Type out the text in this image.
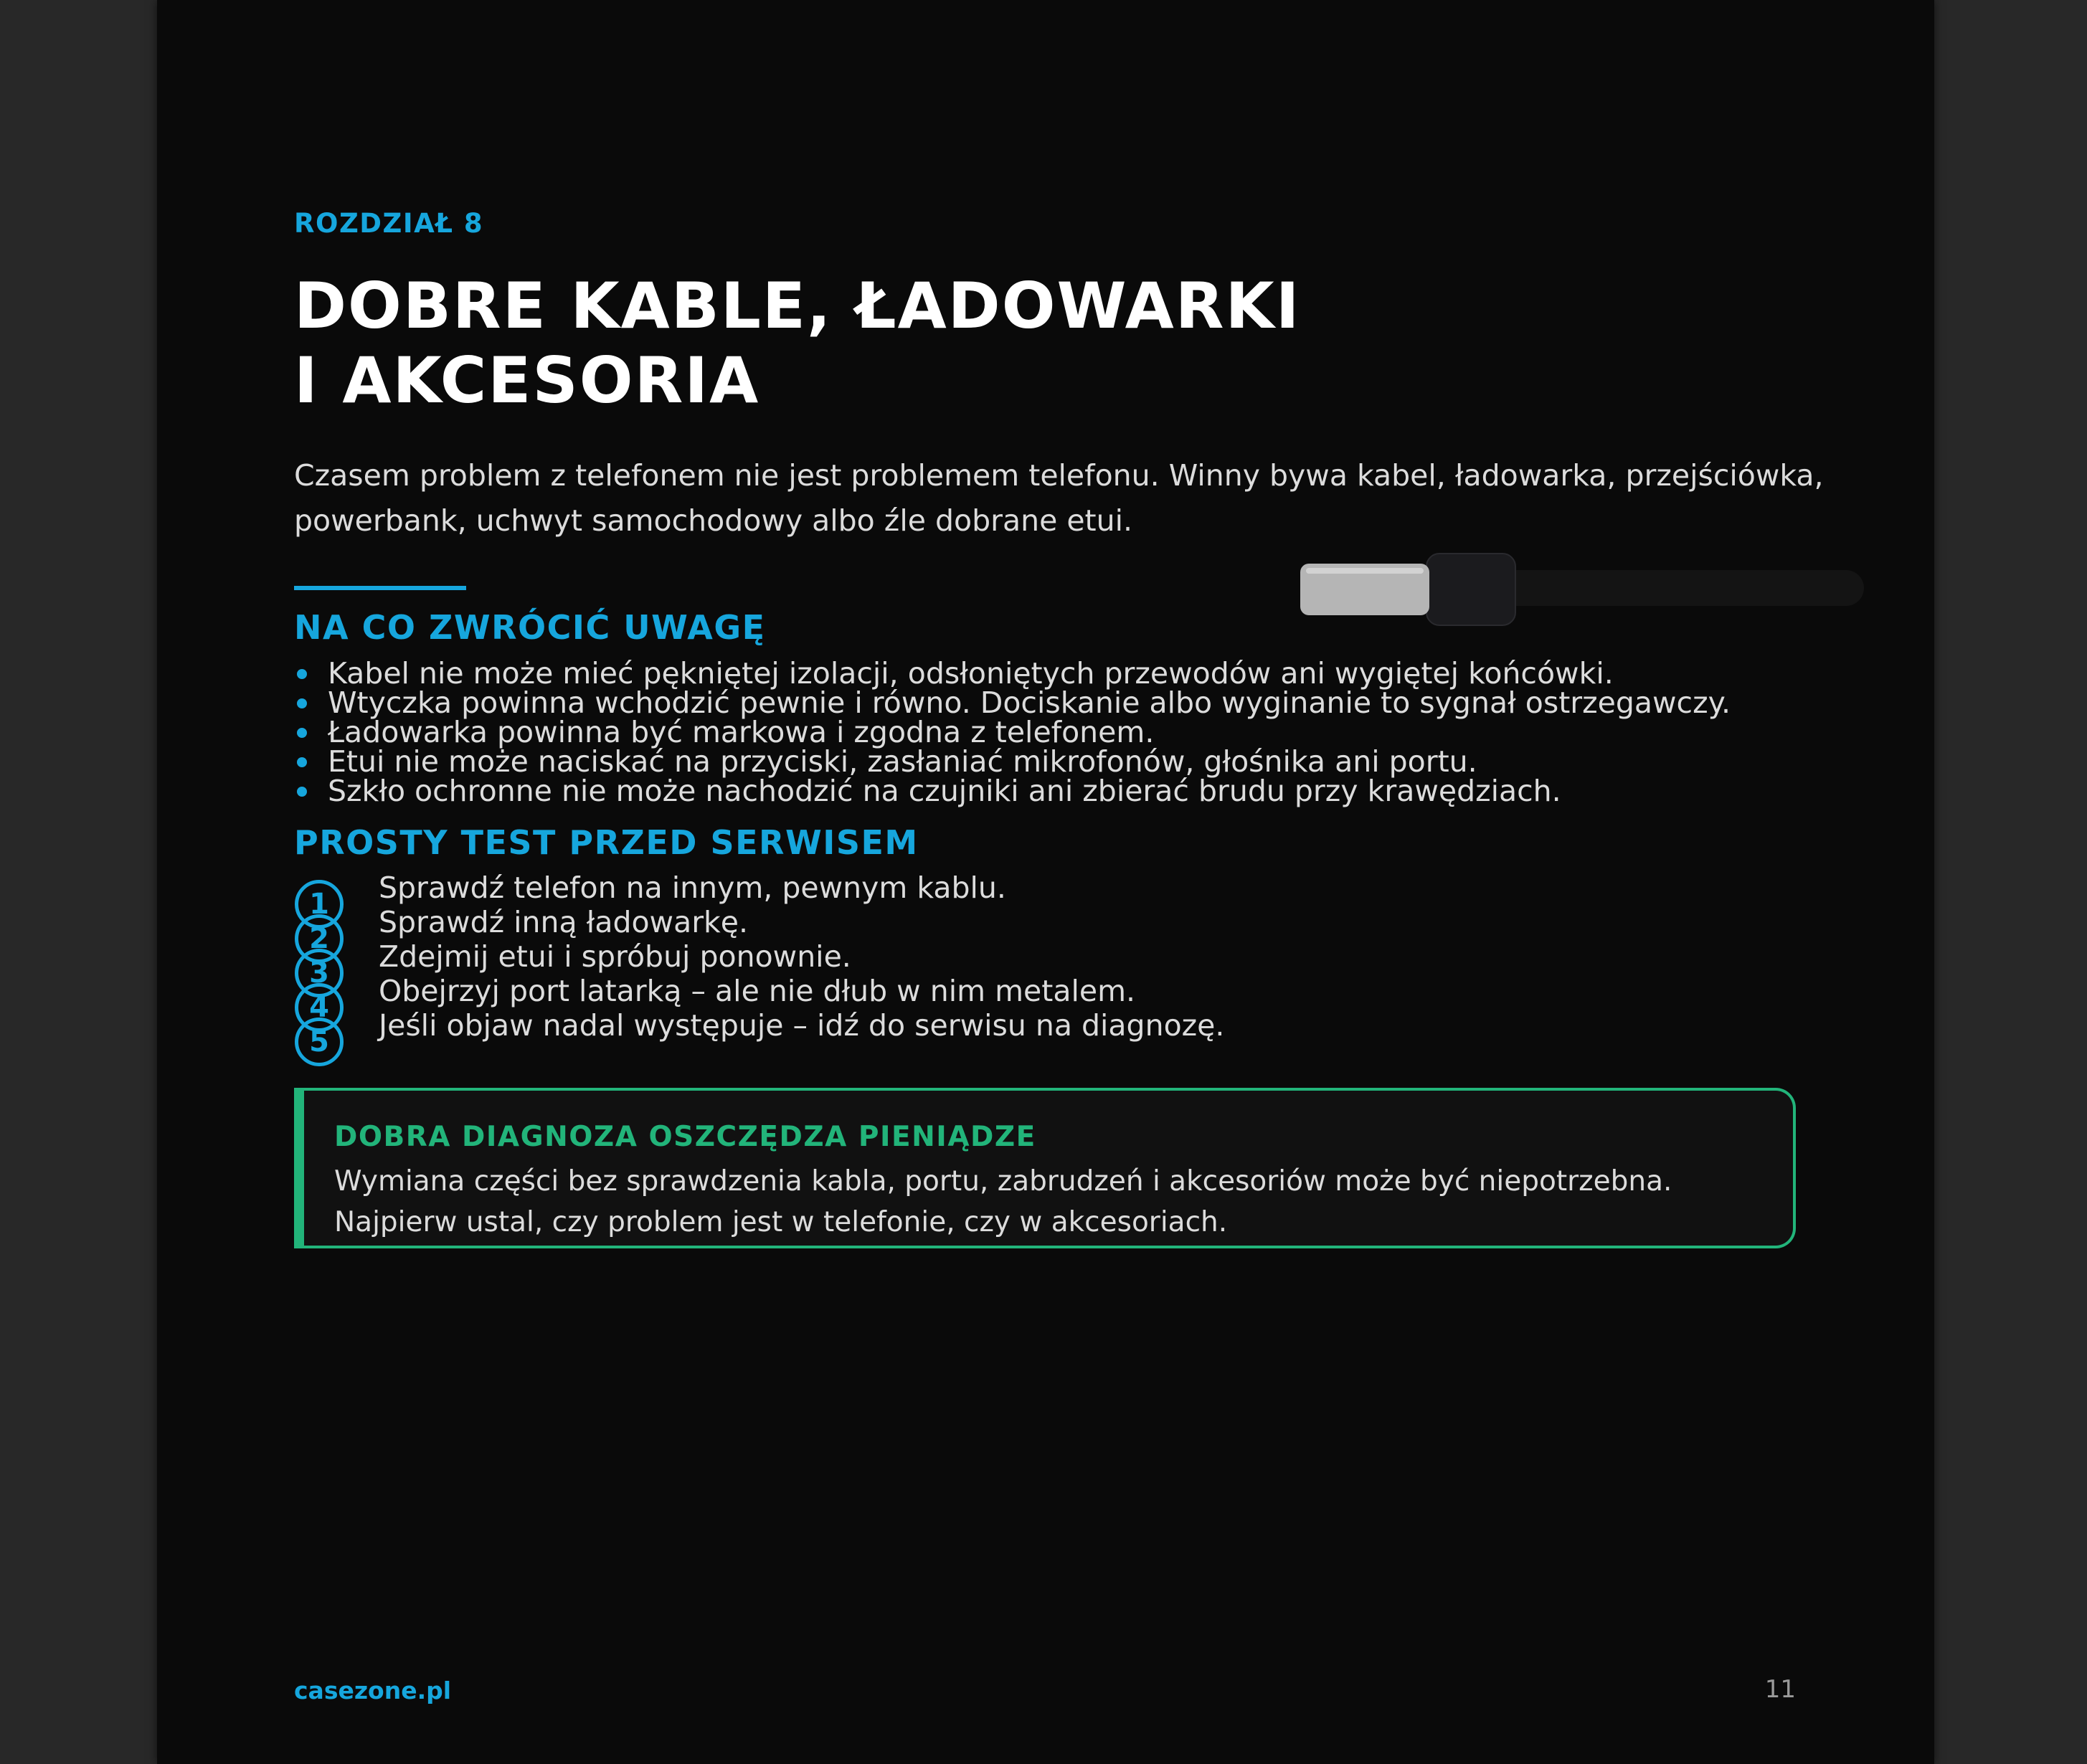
ROZDZIAŁ 8
DOBRE KABLE, ŁADOWARKI
I AKCESORIA

Czasem problem z telefonem nie jest problemem telefonu. Winny bywa kabel, ładowarka, przejściówka, powerbank, uchwyt samochodowy albo źle dobrane etui.

NA CO ZWRÓCIĆ UWAGĘ
Kabel nie może mieć pękniętej izolacji, odsłoniętych przewodów ani wygiętej końcówki.
Wtyczka powinna wchodzić pewnie i równo. Dociskanie albo wyginanie to sygnał ostrzegawczy.
Ładowarka powinna być markowa i zgodna z telefonem.
Etui nie może naciskać na przyciski, zasłaniać mikrofonów, głośnika ani portu.
Szkło ochronne nie może nachodzić na czujniki ani zbierać brudu przy krawędziach.
PROSTY TEST PRZED SERWISEM
1	Sprawdź telefon na innym, pewnym kablu.
2	Sprawdź inną ładowarkę.
3	Zdejmij etui i spróbuj ponownie.
4	Obejrzyj port latarką – ale nie dłub w nim metalem.
5	Jeśli objaw nadal występuje – idź do serwisu na diagnozę.
DOBRA DIAGNOZA OSZCZĘDZA PIENIĄDZE

Wymiana części bez sprawdzenia kabla, portu, zabrudzeń i akcesoriów może być niepotrzebna. Najpierw ustal, czy problem jest w telefonie, czy w akcesoriach.

casezone.pl	11
